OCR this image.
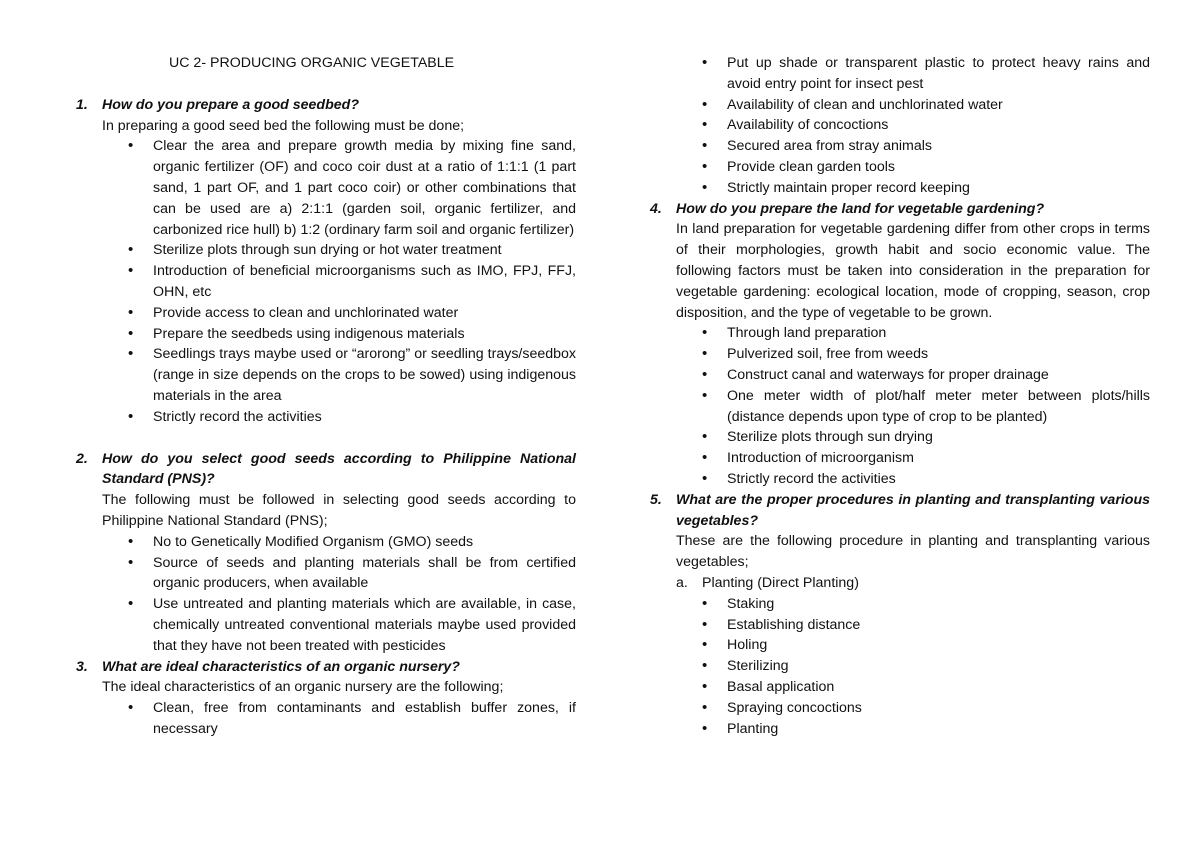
UC 2- PRODUCING ORGANIC VEGETABLE
1. How do you prepare a good seedbed?
In preparing a good seed bed the following must be done;
• Clear the area and prepare growth media by mixing fine sand, organic fertilizer (OF) and coco coir dust at a ratio of 1:1:1 (1 part sand, 1 part OF, and 1 part coco coir) or other combinations that can be used are a) 2:1:1 (garden soil, organic fertilizer, and carbonized rice hull) b) 1:2 (ordinary farm soil and organic fertilizer)
• Sterilize plots through sun drying or hot water treatment
• Introduction of beneficial microorganisms such as IMO, FPJ, FFJ, OHN, etc
• Provide access to clean and unchlorinated water
• Prepare the seedbeds using indigenous materials
• Seedlings trays maybe used or “arorong” or seedling trays/seedbox (range in size depends on the crops to be sowed) using indigenous materials in the area
• Strictly record the activities
2. How do you select good seeds according to Philippine National Standard (PNS)?
The following must be followed in selecting good seeds according to Philippine National Standard (PNS);
• No to Genetically Modified Organism (GMO) seeds
• Source of seeds and planting materials shall be from certified organic producers, when available
• Use untreated and planting materials which are available, in case, chemically untreated conventional materials maybe used provided that they have not been treated with pesticides
3. What are ideal characteristics of an organic nursery?
The ideal characteristics of an organic nursery are the following;
• Clean, free from contaminants and establish buffer zones, if necessary
• Put up shade or transparent plastic to protect heavy rains and avoid entry point for insect pest
• Availability of clean and unchlorinated water
• Availability of concoctions
• Secured area from stray animals
• Provide clean garden tools
• Strictly maintain proper record keeping
4. How do you prepare the land for vegetable gardening?
In land preparation for vegetable gardening differ from other crops in terms of their morphologies, growth habit and socio economic value. The following factors must be taken into consideration in the preparation for vegetable gardening: ecological location, mode of cropping, season, crop disposition, and the type of vegetable to be grown.
• Through land preparation
• Pulverized soil, free from weeds
• Construct canal and waterways for proper drainage
• One meter width of plot/half meter meter between plots/hills (distance depends upon type of crop to be planted)
• Sterilize plots through sun drying
• Introduction of microorganism
• Strictly record the activities
5. What are the proper procedures in planting and transplanting various vegetables?
These are the following procedure in planting and transplanting various vegetables;
a. Planting (Direct Planting)
• Staking
• Establishing distance
• Holing
• Sterilizing
• Basal application
• Spraying concoctions
• Planting
